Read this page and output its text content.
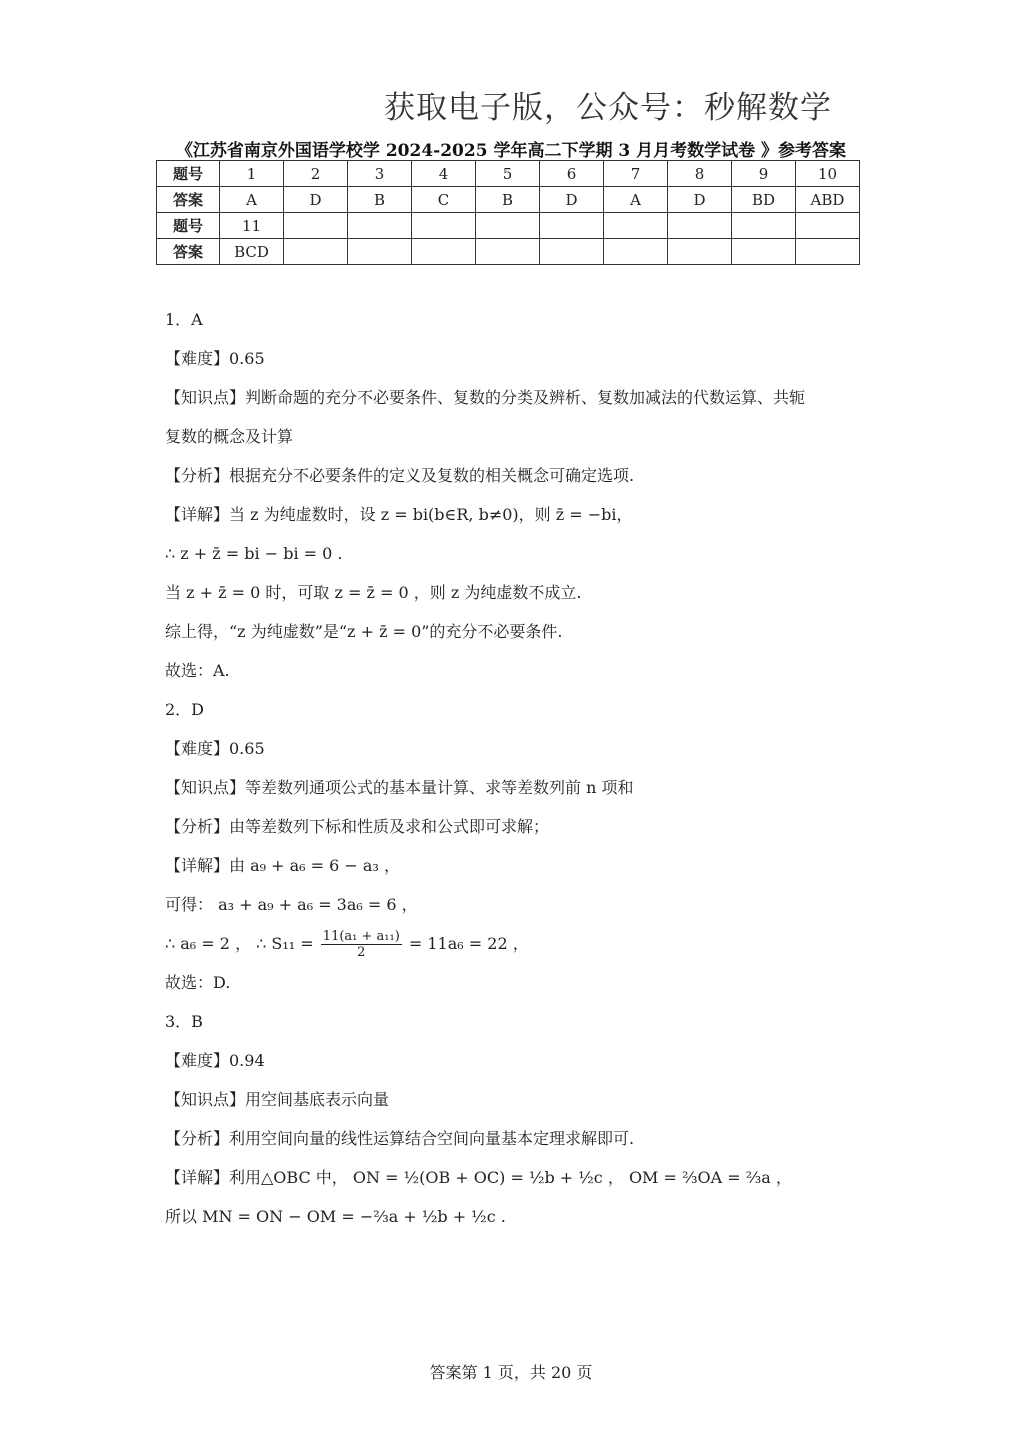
获取电子版，公众号：秒解数学
《江苏省南京外国语学校学 2024-2025 学年高二下学期 3 月月考数学试卷 》参考答案
题号	1	2	3	4	5	6	7	8	9	10
答案	A	D	B	C	B	D	A	D	BD	ABD
题号	11									
答案	BCD									
1．A
【难度】0.65
【知识点】判断命题的充分不必要条件、复数的分类及辨析、复数加减法的代数运算、共轭
复数的概念及计算
【分析】根据充分不必要条件的定义及复数的相关概念可确定选项.
【详解】当 z 为纯虚数时，设 z = bi(b∈R, b≠0)，则 z̄ = −bi，
∴ z + z̄ = bi − bi = 0 .
当 z + z̄ = 0 时，可取 z = z̄ = 0 ，则 z 为纯虚数不成立.
综上得，“z 为纯虚数”是“z + z̄ = 0”的充分不必要条件.
故选：A.
2．D
【难度】0.65
【知识点】等差数列通项公式的基本量计算、求等差数列前 n 项和
【分析】由等差数列下标和性质及求和公式即可求解；
【详解】由 a₉ + a₆ = 6 − a₃ ，
可得： a₃ + a₉ + a₆ = 3a₆ = 6 ，
∴ a₆ = 2 ， ∴ $S_{11} = \frac{\text{11(a₁ + a₁₁)}}{2} = 11a_6 = 22$ ，
故选：D.
3．B
【难度】0.94
【知识点】用空间基底表示向量
【分析】利用空间向量的线性运算结合空间向量基本定理求解即可.
【详解】利用△OBC 中， ON = ½(OB + OC) = ½b + ½c ， OM = ⅔OA = ⅔a ，
所以 MN = ON − OM = −⅔a + ½b + ½c .
答案第 1 页，共 20 页
